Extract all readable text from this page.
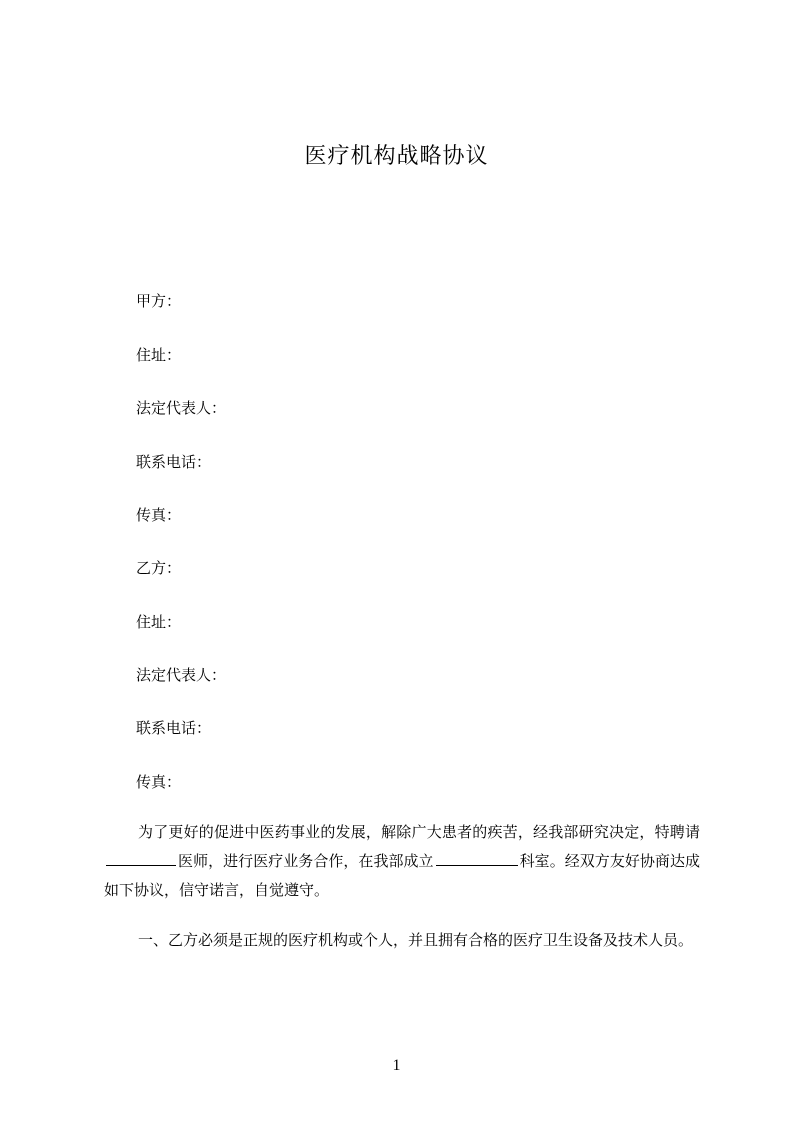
医疗机构战略协议
甲方：
住址：
法定代表人：
联系电话：
传真：
乙方：
住址：
法定代表人：
联系电话：
传真：
为了更好的促进中医药事业的发展，解除广大患者的疾苦，经我部研究决定，特聘请医师，进行医疗业务合作，在我部成立	科室。经双方友好协商达成如下协议，信守诺言，自觉遵守。
一、乙方必须是正规的医疗机构或个人，并且拥有合格的医疗卫生设备及技术人员。
1
